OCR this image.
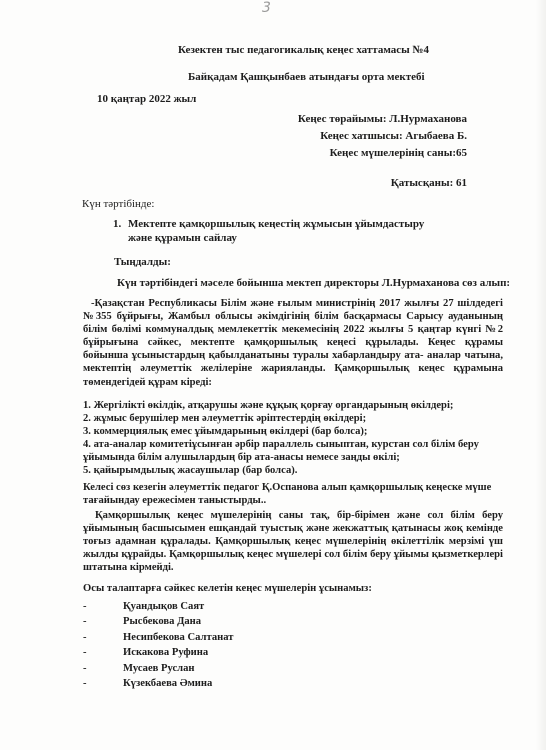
3
Кезектен тыс педагогикалық кеңес хаттамасы №4
Байқадам Қашқынбаев атындағы орта мектебі
10 қаңтар 2022 жыл
Кеңес төрайымы: Л.Нурмаханова
Кеңес хатшысы: Агыбаева Б.
Кеңес мүшелерінің саны:65
Қатысқаны: 61
Күн тәртібінде:
1. Мектепте қамқоршылық кеңестің жұмысын ұйымдастыру және құрамын сайлау
Тыңдалды:
Күн тәртібіндегі мәселе бойынша мектеп директоры Л.Нурмаханова сөз алып:

-Қазақстан Республикасы Білім және ғылым министрінің 2017 жылғы 27 шілдедегі №355 бұйрығы, Жамбыл облысы әкімдігінің білім басқармасы Сарысу ауданының білім бөлімі коммуналдық мемлекеттік мекемесінің 2022 жылғы 5 қаңтар күнгі №2 бұйрығына сәйкес, мектепте қамқоршылық кеңесі құрылады. Кеңес құрамы бойынша ұсыныстардың қабылданатыны туралы хабарландыру ата- аналар чатына, мектептің әлеуметтік желілеріне жарияланды. Қамқоршылық кеңес құрамына төмендегідей құрам кіреді:

1. Жергілікті өкілдік, атқарушы және құқық қорғау органдарының өкілдері;

2. жұмыс берушілер мен әлеуметтік әріптестердің өкілдері;

3. коммерциялық емес ұйымдарының өкілдері (бар болса);

4. ата-аналар комитетіұсынған әрбір параллель сыныптан, курстан сол білім беру ұйымында білім алушылардың бір ата-анасы немесе заңды өкілі;

5. қайырымдылық жасаушылар (бар болса).

Келесі сөз кезегін әлеуметтік педагог Қ.Оспанова алып қамқоршылық кеңеске мүше тағайындау ережесімен таныстырды..

Қамқоршылық кеңес мүшелерінің саны тақ, бір-бірімен және сол білім беру ұйымының басшысымен ешқандай туыстық және жекжаттық қатынасы жоқ кемінде тоғыз адамнан құралады. Қамқоршылық кеңес мүшелерінің өкілеттілік мерзімі үш жылды құрайды. Қамқоршылық кеңес мүшелері сол білім беру ұйымы қызметкерлері штатына кірмейді.

Осы талаптарға сәйкес келетін кеңес мүшелерін ұсынамыз:
-	Қуандықов Саят
-	Рысбекова Дана
-	Несипбекова Салтанат
-	Искакова Руфина
-	Мусаев Руслан
-	Күзекбаева Әмина
